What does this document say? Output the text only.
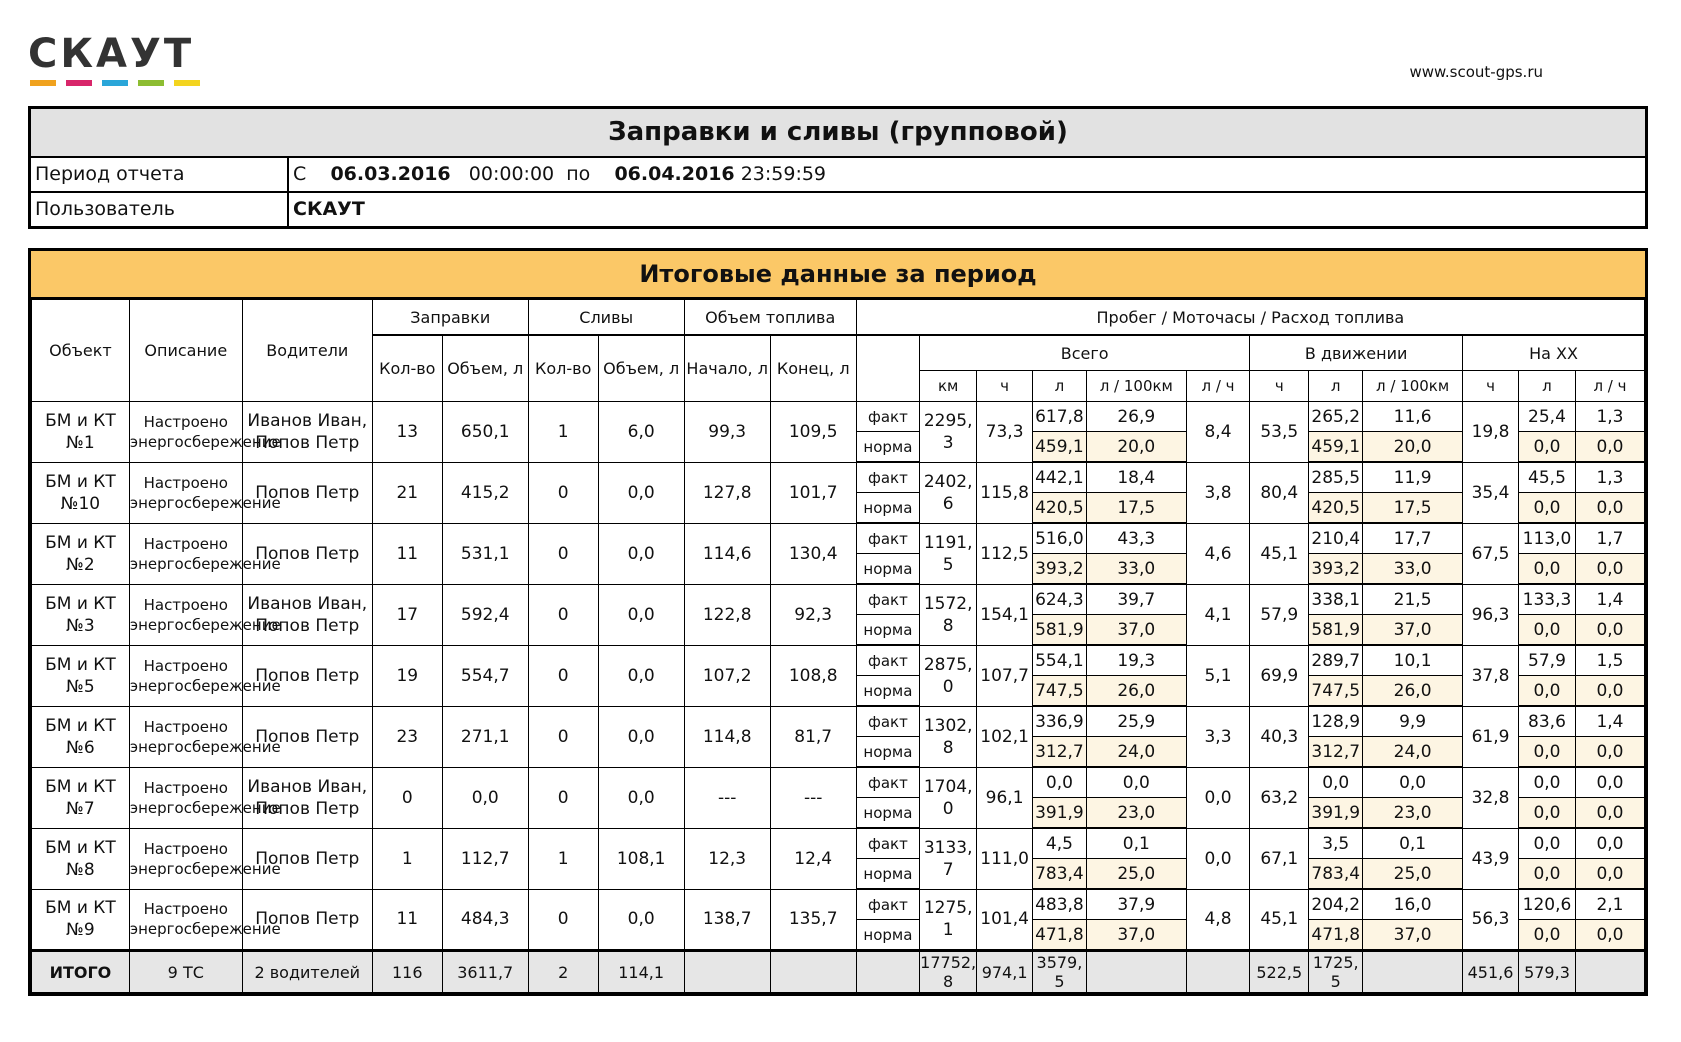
СКАУТ	www.scout-gps.ru
Заправки и сливы (групповой)
Период отчета	С 06.03.2016 00:00:00 по 06.04.2016 23:59:59
Пользователь	СКАУТ
Итоговые данные за период
Объект	Описание	Водители	Заправки		Сливы		Объем топлива		Пробег / Моточасы / Расход топлива											
			Кол-во	Объем, л	Кол-во	Объем, л	Начало, л	Конец, л		Всего					В движении			На ХХ		
										км	ч	л	л / 100км	л / ч	ч	л	л / 100км	ч	л	л / ч
БМ и КТ №1	Настроено энергосбережение	Иванов Иван, Попов Петр	13	650,1	1	6,0	99,3	109,5	факт	2295,3	73,3	617,8	26,9	8,4	53,5	265,2	11,6	19,8	25,4	1,3
									норма			459,1	20,0			459,1	20,0		0,0	0,0
БМ и КТ №10	Настроено энергосбережение	Попов Петр	21	415,2	0	0,0	127,8	101,7	факт	2402,6	115,8	442,1	18,4	3,8	80,4	285,5	11,9	35,4	45,5	1,3
									норма			420,5	17,5			420,5	17,5		0,0	0,0
БМ и КТ №2	Настроено энергосбережение	Попов Петр	11	531,1	0	0,0	114,6	130,4	факт	1191,5	112,5	516,0	43,3	4,6	45,1	210,4	17,7	67,5	113,0	1,7
									норма			393,2	33,0			393,2	33,0		0,0	0,0
БМ и КТ №3	Настроено энергосбережение	Иванов Иван, Попов Петр	17	592,4	0	0,0	122,8	92,3	факт	1572,8	154,1	624,3	39,7	4,1	57,9	338,1	21,5	96,3	133,3	1,4
									норма			581,9	37,0			581,9	37,0		0,0	0,0
БМ и КТ №5	Настроено энергосбережение	Попов Петр	19	554,7	0	0,0	107,2	108,8	факт	2875,0	107,7	554,1	19,3	5,1	69,9	289,7	10,1	37,8	57,9	1,5
									норма			747,5	26,0			747,5	26,0		0,0	0,0
БМ и КТ №6	Настроено энергосбережение	Попов Петр	23	271,1	0	0,0	114,8	81,7	факт	1302,8	102,1	336,9	25,9	3,3	40,3	128,9	9,9	61,9	83,6	1,4
									норма			312,7	24,0			312,7	24,0		0,0	0,0
БМ и КТ №7	Настроено энергосбережение	Иванов Иван, Попов Петр	0	0,0	0	0,0	---	---	факт	1704,0	96,1	0,0	0,0	0,0	63,2	0,0	0,0	32,8	0,0	0,0
									норма			391,9	23,0			391,9	23,0		0,0	0,0
БМ и КТ №8	Настроено энергосбережение	Попов Петр	1	112,7	1	108,1	12,3	12,4	факт	3133,7	111,0	4,5	0,1	0,0	67,1	3,5	0,1	43,9	0,0	0,0
									норма			783,4	25,0			783,4	25,0		0,0	0,0
БМ и КТ №9	Настроено энергосбережение	Попов Петр	11	484,3	0	0,0	138,7	135,7	факт	1275,1	101,4	483,8	37,9	4,8	45,1	204,2	16,0	56,3	120,6	2,1
									норма			471,8	37,0			471,8	37,0		0,0	0,0
ИТОГО	9 ТС	2 водителей	116	3611,7	2	114,1				17752,8	974,1	3579,5			522,5	1725,5		451,6	579,3	
